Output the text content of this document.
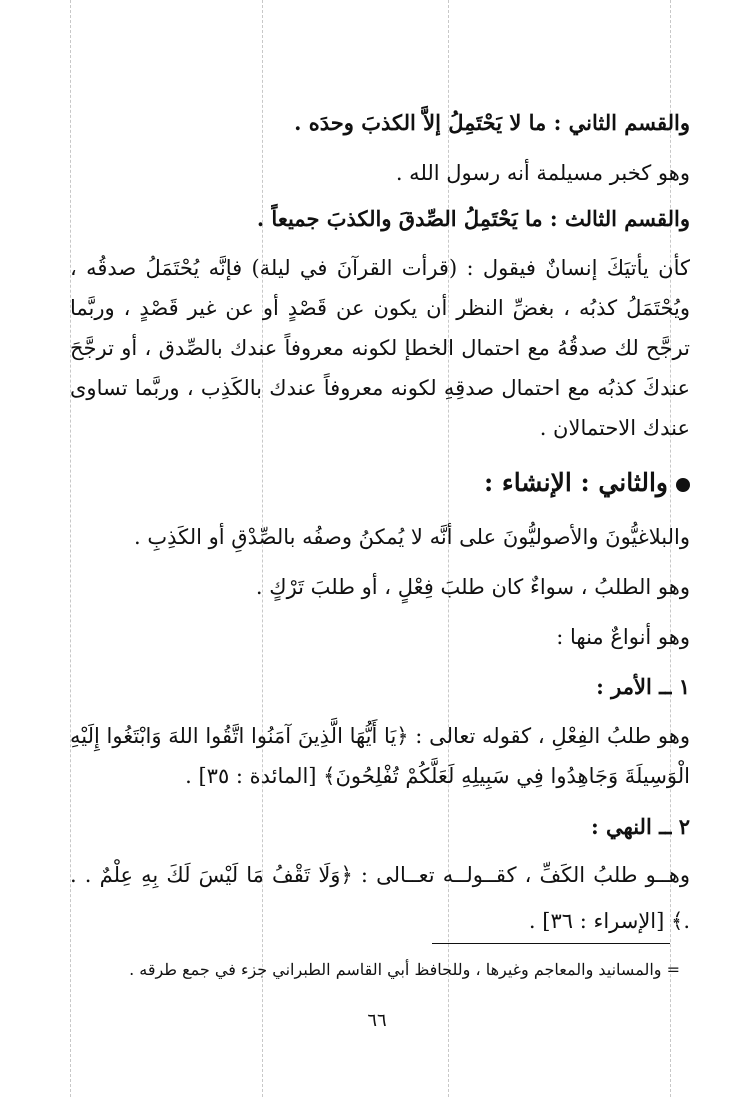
والقسم الثاني : ما لا يَحْتَمِلُ إلاَّ الكذبَ وحدَه .
وهو كخبر مسيلمة أنه رسول الله .
والقسم الثالث : ما يَحْتَمِلُ الصِّدقَ والكذبَ جميعاً .
كأن يأتيَكَ إنسانٌ فيقول : (قرأت القرآنَ في ليلة) فإنَّه يُحْتَمَلُ صدقُه ، ويُحْتَمَلُ كذبُه ، بغضِّ النظر أن يكون عن قَصْدٍ أو عن غير قَصْدٍ ، وربَّما ترجَّح لك صدقُهُ مع احتمال الخطإ لكونه معروفاً عندك بالصِّدق ، أو ترجَّحَ عندكَ كذبُه مع احتمال صدقِهِ لكونه معروفاً عندك بالكَذِب ، وربَّما تساوى عندك الاحتمالان .
والثاني : الإنشاء :
والبلاغيُّونَ والأصوليُّونَ على أنَّه لا يُمكنُ وصفُه بالصِّدْقِ أو الكَذِبِ .
وهو الطلبُ ، سواءٌ كان طلبَ فِعْلٍ ، أو طلبَ تَرْكٍ .
وهو أنواعٌ منها :
١ ــ الأمر :
وهو طلبُ الفِعْلِ ، كقوله تعالى : ﴿يَا أَيُّهَا الَّذِينَ آمَنُوا اتَّقُوا اللهَ وَابْتَغُوا إِلَيْهِ الْوَسِيلَةَ وَجَاهِدُوا فِي سَبِيلِهِ لَعَلَّكُمْ تُفْلِحُونَ﴾ [المائدة : ٣٥] .
٢ ــ النهي :
وهــو طلبُ الكَفِّ ، كقــولــه تعــالى : ﴿وَلَا تَقْفُ مَا لَيْسَ لَكَ بِهِ عِلْمٌ . . .﴾ [الإسراء : ٣٦] .
= والمسانيد والمعاجم وغيرها ، وللحافظ أبي القاسم الطبراني جزء في جمع طرقه .
٦٦
